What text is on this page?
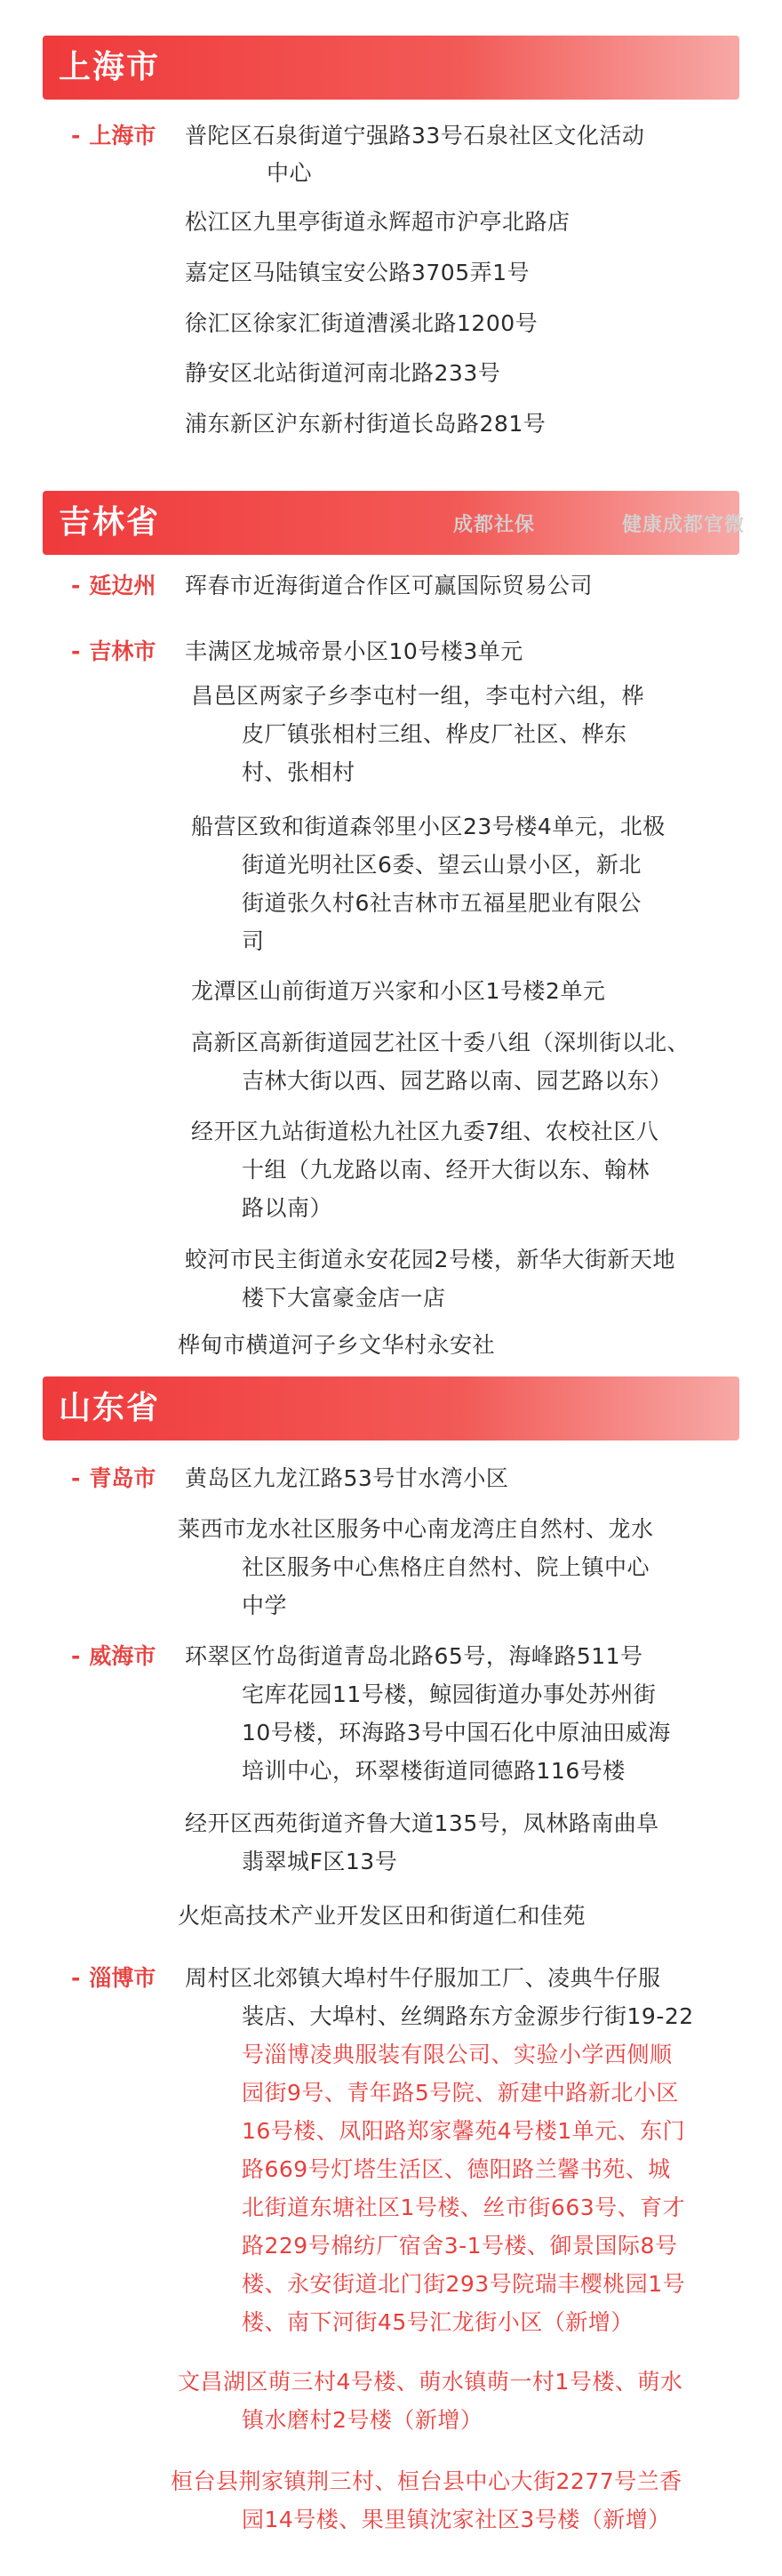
上海市
- 上海市 普陀区石泉街道宁强路33号石泉社区文化活动
中心
松江区九里亭街道永辉超市沪亭北路店
嘉定区马陆镇宝安公路3705弄1号
徐汇区徐家汇街道漕溪北路1200号
静安区北站街道河南北路233号
浦东新区沪东新村街道长岛路281号
吉林省	成都社保	健康成都官微
- 延边州 珲春市近海街道合作区可赢国际贸易公司
- 吉林市 丰满区龙城帝景小区10号楼3单元
昌邑区两家子乡李屯村一组，李屯村六组，桦
皮厂镇张相村三组、桦皮厂社区、桦东
村、张相村
船营区致和街道森邻里小区23号楼4单元，北极
街道光明社区6委、望云山景小区，新北
街道张久村6社吉林市五福星肥业有限公
司
龙潭区山前街道万兴家和小区1号楼2单元
高新区高新街道园艺社区十委八组（深圳街以北、
吉林大街以西、园艺路以南、园艺路以东）
经开区九站街道松九社区九委7组、农校社区八
十组（九龙路以南、经开大街以东、翰林
路以南）
蛟河市民主街道永安花园2号楼，新华大街新天地
楼下大富豪金店一店
桦甸市横道河子乡文华村永安社
山东省
- 青岛市 黄岛区九龙江路53号甘水湾小区
莱西市龙水社区服务中心南龙湾庄自然村、龙水
社区服务中心焦格庄自然村、院上镇中心
中学
- 威海市 环翠区竹岛街道青岛北路65号，海峰路511号
宅库花园11号楼，鲸园街道办事处苏州街
10号楼，环海路3号中国石化中原油田威海
培训中心，环翠楼街道同德路116号楼
经开区西苑街道齐鲁大道135号，凤林路南曲阜
翡翠城F区13号
火炬高技术产业开发区田和街道仁和佳苑
- 淄博市 周村区北郊镇大埠村牛仔服加工厂、凌典牛仔服
装店、大埠村、丝绸路东方金源步行街19-22
号淄博凌典服装有限公司、实验小学西侧顺
园街9号、青年路5号院、新建中路新北小区
16号楼、凤阳路郑家馨苑4号楼1单元、东门
路669号灯塔生活区、德阳路兰馨书苑、城
北街道东塘社区1号楼、丝市街663号、育才
路229号棉纺厂宿舍3-1号楼、御景国际8号
楼、永安街道北门街293号院瑞丰樱桃园1号
楼、南下河街45号汇龙街小区（新增）
文昌湖区萌三村4号楼、萌水镇萌一村1号楼、萌水
镇水磨村2号楼（新增）
桓台县荆家镇荆三村、桓台县中心大街2277号兰香
园14号楼、果里镇沈家社区3号楼（新增）
